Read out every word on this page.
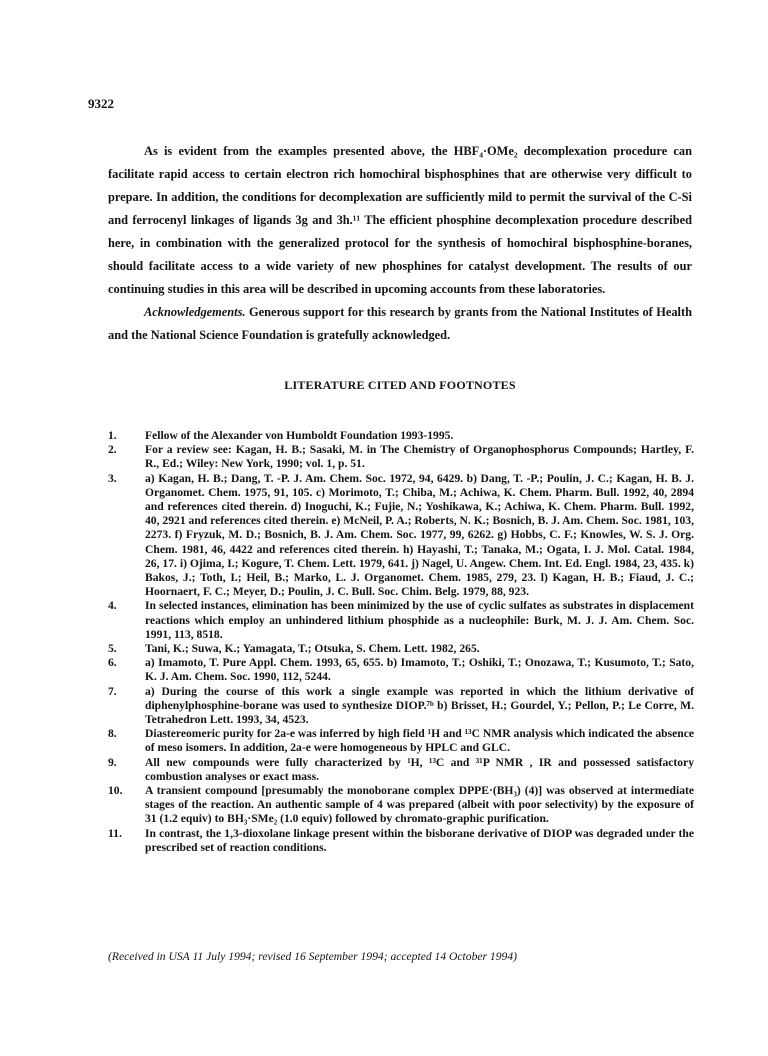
9322

As is evident from the examples presented above, the HBF₄·OMe₂ decomplexation procedure can facilitate rapid access to certain electron rich homochiral bisphosphines that are otherwise very difficult to prepare. In addition, the conditions for decomplexation are sufficiently mild to permit the survival of the C-Si and ferrocenyl linkages of ligands 3g and 3h.¹¹ The efficient phosphine decomplexation procedure described here, in combination with the generalized protocol for the synthesis of homochiral bisphosphine-boranes, should facilitate access to a wide variety of new phosphines for catalyst development. The results of our continuing studies in this area will be described in upcoming accounts from these laboratories.

Acknowledgements. Generous support for this research by grants from the National Institutes of Health and the National Science Foundation is gratefully acknowledged.

LITERATURE CITED AND FOOTNOTES
1.	Fellow of the Alexander von Humboldt Foundation 1993-1995.
2.	For a review see: Kagan, H. B.; Sasaki, M. in The Chemistry of Organophosphorus Compounds; Hartley, F. R., Ed.; Wiley: New York, 1990; vol. 1, p. 51.
3.	a) Kagan, H. B.; Dang, T. -P. J. Am. Chem. Soc. 1972, 94, 6429. b) Dang, T. -P.; Poulin, J. C.; Kagan, H. B. J. Organomet. Chem. 1975, 91, 105. c) Morimoto, T.; Chiba, M.; Achiwa, K. Chem. Pharm. Bull. 1992, 40, 2894 and references cited therein. d) Inoguchi, K.; Fujie, N.; Yoshikawa, K.; Achiwa, K. Chem. Pharm. Bull. 1992, 40, 2921 and references cited therein. e) McNeil, P. A.; Roberts, N. K.; Bosnich, B. J. Am. Chem. Soc. 1981, 103, 2273. f) Fryzuk, M. D.; Bosnich, B. J. Am. Chem. Soc. 1977, 99, 6262. g) Hobbs, C. F.; Knowles, W. S. J. Org. Chem. 1981, 46, 4422 and references cited therein. h) Hayashi, T.; Tanaka, M.; Ogata, I. J. Mol. Catal. 1984, 26, 17. i) Ojima, I.; Kogure, T. Chem. Lett. 1979, 641. j) Nagel, U. Angew. Chem. Int. Ed. Engl. 1984, 23, 435. k) Bakos, J.; Toth, I.; Heil, B.; Marko, L. J. Organomet. Chem. 1985, 279, 23. l) Kagan, H. B.; Fiaud, J. C.; Hoornaert, F. C.; Meyer, D.; Poulin, J. C. Bull. Soc. Chim. Belg. 1979, 88, 923.
4.	In selected instances, elimination has been minimized by the use of cyclic sulfates as substrates in displacement reactions which employ an unhindered lithium phosphide as a nucleophile: Burk, M. J. J. Am. Chem. Soc. 1991, 113, 8518.
5.	Tani, K.; Suwa, K.; Yamagata, T.; Otsuka, S. Chem. Lett. 1982, 265.
6.	a) Imamoto, T. Pure Appl. Chem. 1993, 65, 655. b) Imamoto, T.; Oshiki, T.; Onozawa, T.; Kusumoto, T.; Sato, K. J. Am. Chem. Soc. 1990, 112, 5244.
7.	a) During the course of this work a single example was reported in which the lithium derivative of diphenylphosphine-borane was used to synthesize DIOP.⁷ᵇ b) Brisset, H.; Gourdel, Y.; Pellon, P.; Le Corre, M. Tetrahedron Lett. 1993, 34, 4523.
8.	Diastereomeric purity for 2a-e was inferred by high field ¹H and ¹³C NMR analysis which indicated the absence of meso isomers. In addition, 2a-e were homogeneous by HPLC and GLC.
9.	All new compounds were fully characterized by ¹H, ¹³C and ³¹P NMR , IR and possessed satisfactory combustion analyses or exact mass.
10.	A transient compound [presumably the monoborane complex DPPE·(BH₃) (4)] was observed at intermediate stages of the reaction. An authentic sample of 4 was prepared (albeit with poor selectivity) by the exposure of 31 (1.2 equiv) to BH₃·SMe₂ (1.0 equiv) followed by chromato-graphic purification.
11.	In contrast, the 1,3-dioxolane linkage present within the bisborane derivative of DIOP was degraded under the prescribed set of reaction conditions.
(Received in USA 11 July 1994; revised 16 September 1994; accepted 14 October 1994)
